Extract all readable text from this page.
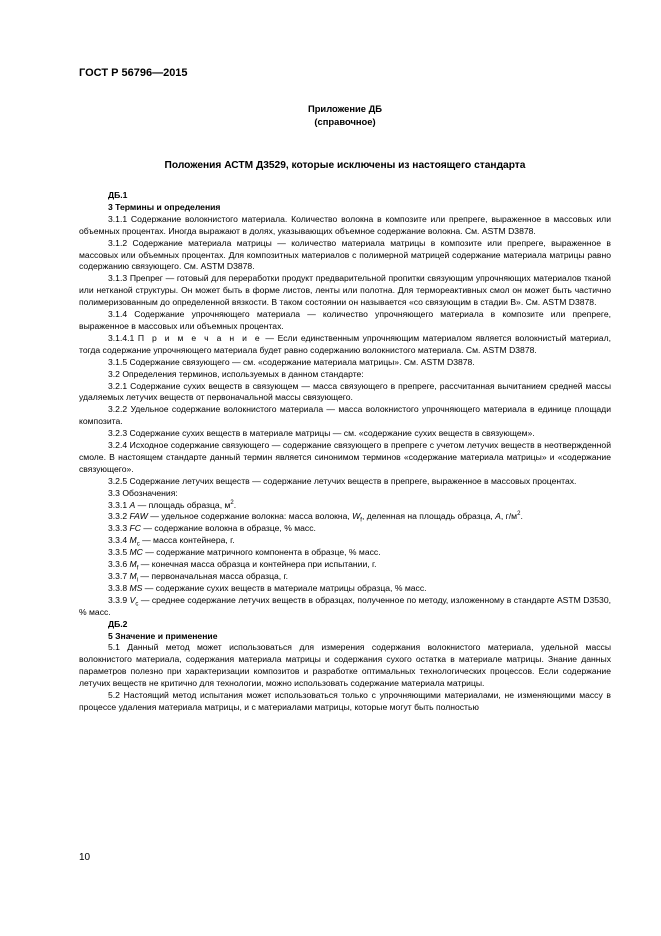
ГОСТ Р 56796—2015
Приложение ДБ
(справочное)
Положения АСТМ Д3529, которые исключены из настоящего стандарта

ДБ.1

3 Термины и определения

3.1.1 Содержание волокнистого материала. Количество волокна в композите или препреге, выраженное в массовых или объемных процентах. Иногда выражают в долях, указывающих объемное содержание волокна. См. ASTM D3878.

3.1.2 Содержание материала матрицы — количество материала матрицы в композите или препреге, выраженное в массовых или объемных процентах. Для композитных материалов с полимерной матрицей содержание материала матрицы равно содержанию связующего. См. ASTM D3878.

3.1.3 Препрег — готовый для переработки продукт предварительной пропитки связующим упрочняющих материалов тканой или нетканой структуры. Он может быть в форме листов, ленты или полотна. Для термореактивных смол он может быть частично полимеризованным до определенной вязкости. В таком состоянии он называется «со связующим в стадии В». См. ASTM D3878.

3.1.4 Содержание упрочняющего материала — количество упрочняющего материала в композите или препреге, выраженное в массовых или объемных процентах.

3.1.4.1 П р и м е ч а н и е — Если единственным упрочняющим материалом является волокнистый материал, тогда содержание упрочняющего материала будет равно содержанию волокнистого материала. См. ASTM D3878.

3.1.5 Содержание связующего — см. «содержание материала матрицы». См. ASTM D3878.

3.2 Определения терминов, используемых в данном стандарте:

3.2.1 Содержание сухих веществ в связующем — масса связующего в препреге, рассчитанная вычитанием средней массы удаляемых летучих веществ от первоначальной массы связующего.

3.2.2 Удельное содержание волокнистого материала — масса волокнистого упрочняющего материала в единице площади композита.

3.2.3 Содержание сухих веществ в материале матрицы — см. «содержание сухих веществ в связующем».

3.2.4 Исходное содержание связующего — содержание связующего в препреге с учетом летучих веществ в неотвержденной смоле. В настоящем стандарте данный термин является синонимом терминов «содержание материала матрицы» и «содержание связующего».

3.2.5 Содержание летучих веществ — содержание летучих веществ в препреге, выраженное в массовых процентах.

3.3 Обозначения:

3.3.1 A — площадь образца, $м^2$.

3.3.2 FAW — удельное содержание волокна: масса волокна, $W_f$, деленная на площадь образца, A, $г/м^2$.

3.3.3 FC — содержание волокна в образце, % масс.

3.3.4 $M_c$ — масса контейнера, г.

3.3.5 MC — содержание матричного компонента в образце, % масс.

3.3.6 $M_f$ — конечная масса образца и контейнера при испытании, г.

3.3.7 $M_i$ — первоначальная масса образца, г.

3.3.8 MS — содержание сухих веществ в материале матрицы образца, % масс.

3.3.9 $V_c$ — среднее содержание летучих веществ в образцах, полученное по методу, изложенному в стандарте ASTM D3530, % масс.

ДБ.2

5 Значение и применение

5.1 Данный метод может использоваться для измерения содержания волокнистого материала, удельной массы волокнистого материала, содержания материала матрицы и содержания сухого остатка в материале матрицы. Знание данных параметров полезно при характеризации композитов и разработке оптимальных технологических процессов. Если содержание летучих веществ не критично для технологии, можно использовать содержание материала матрицы.

5.2 Настоящий метод испытания может использоваться только с упрочняющими материалами, не изменяющими массу в процессе удаления материала матрицы, и с материалами матрицы, которые могут быть полностью

10
